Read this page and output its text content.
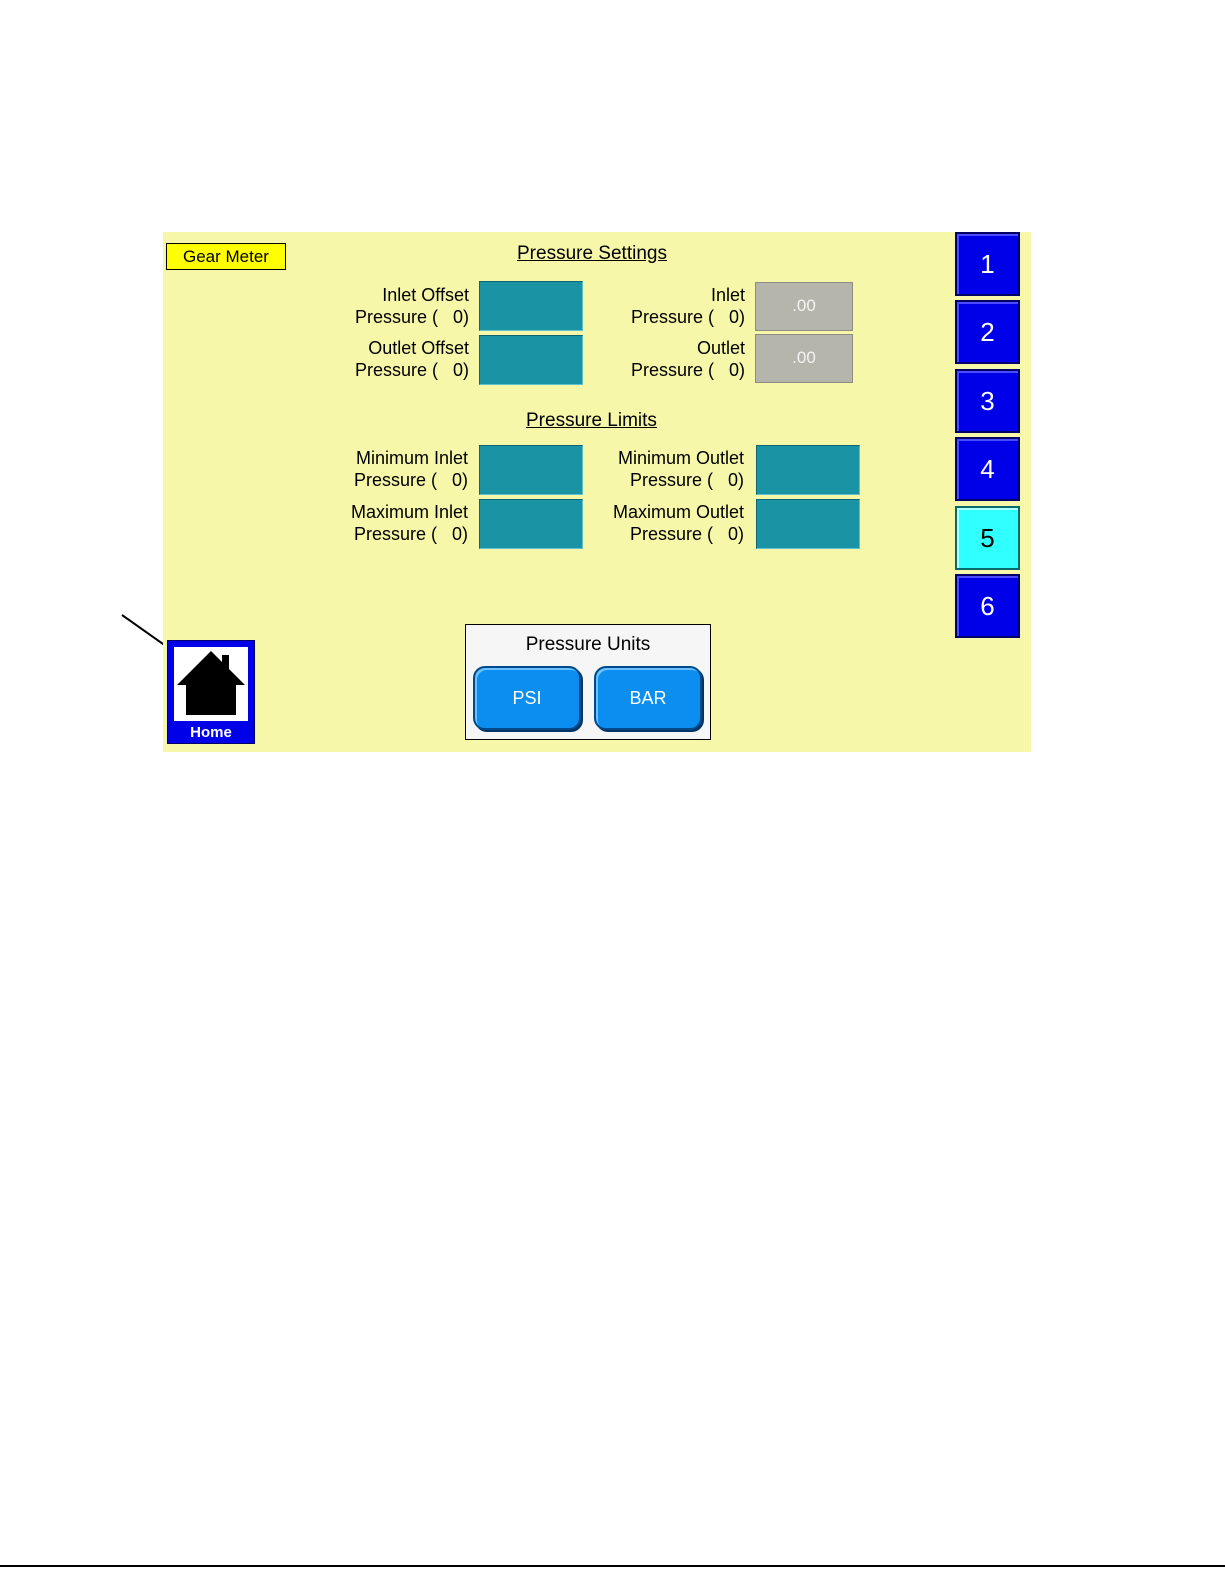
Gear Meter	Pressure Settings
Inlet Offset
Pressure (   0)
Outlet Offset
Pressure (   0)
Inlet
Pressure (   0)
.00
Outlet
Pressure (   0)
.00
Pressure Limits
Minimum Inlet
Pressure (   0)
Maximum Inlet
Pressure (   0)
Minimum Outlet
Pressure (   0)
Maximum Outlet
Pressure (   0)
1
2
3
4
5
6
Home
Pressure Units
PSI	BAR
